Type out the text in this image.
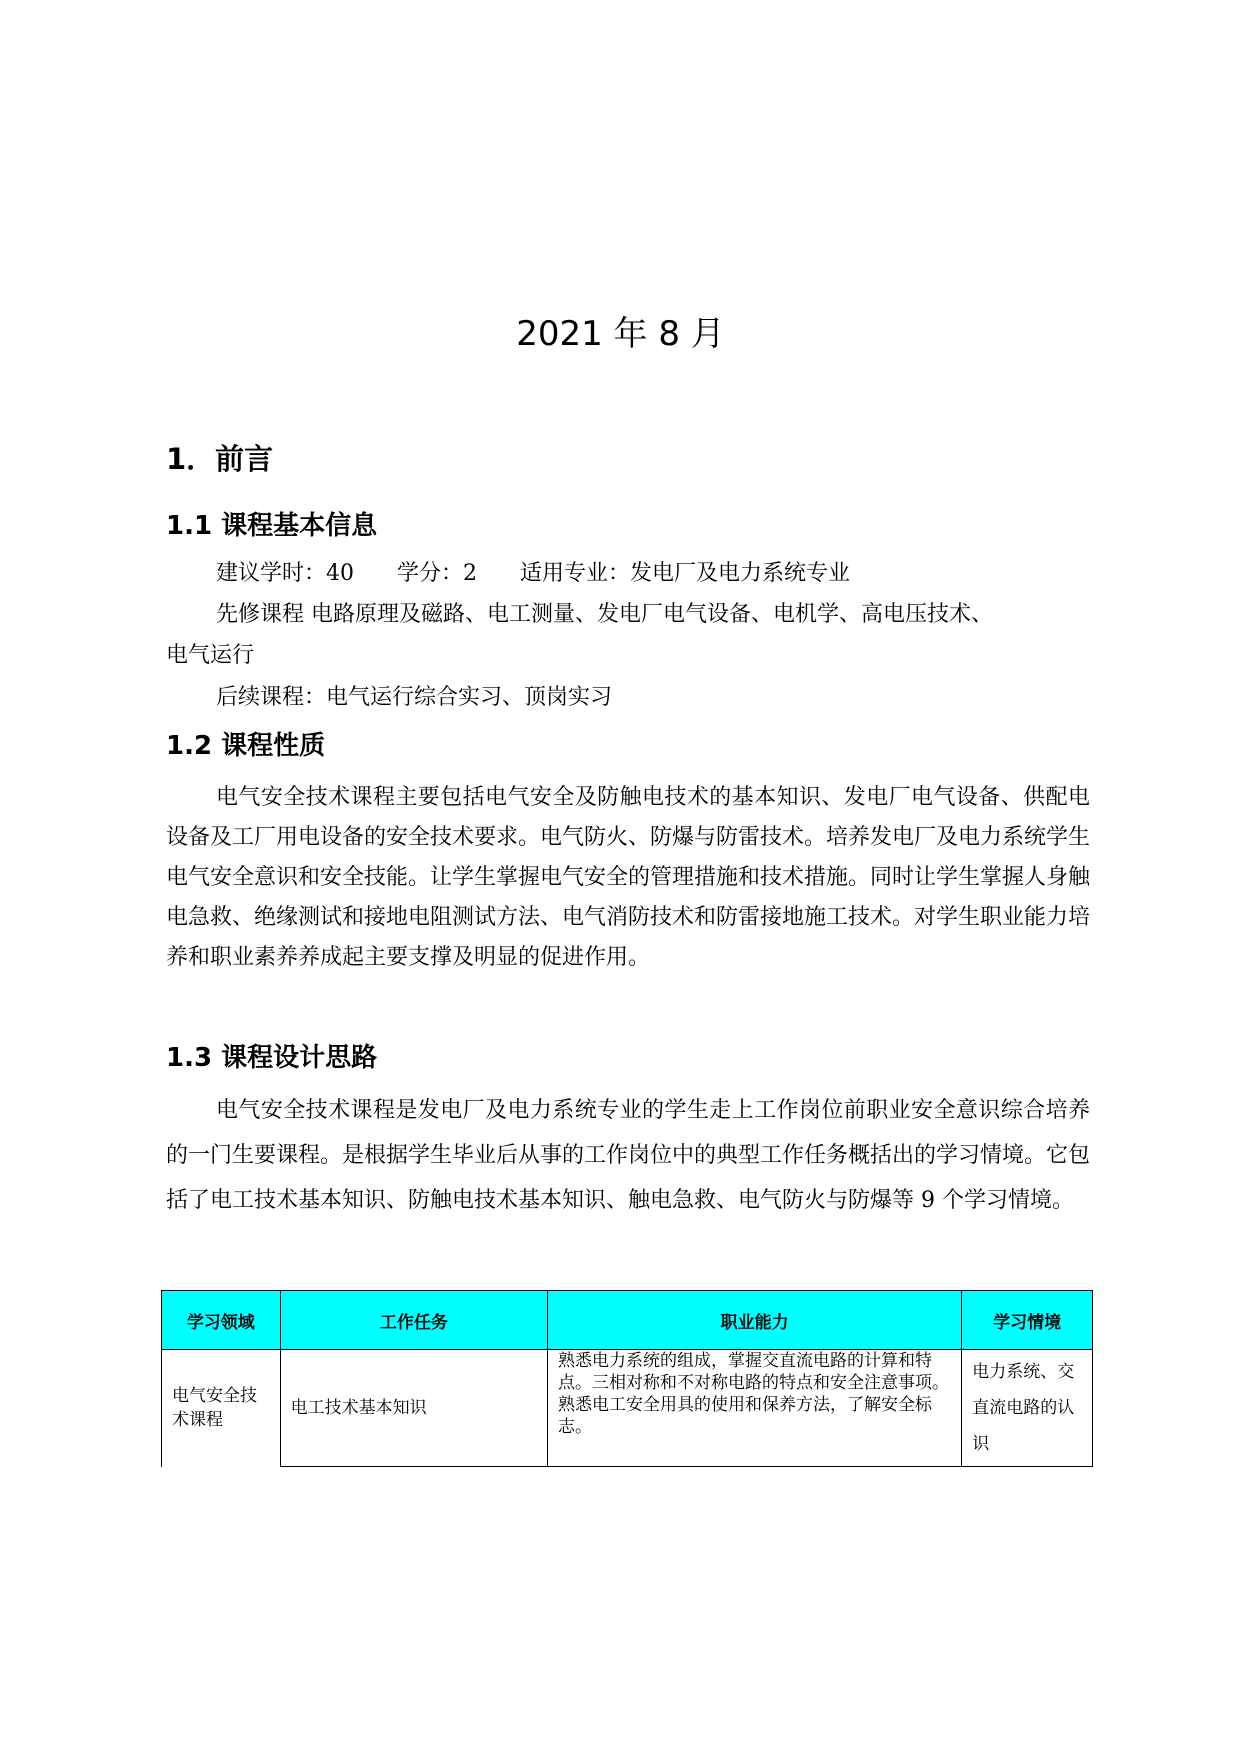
2021 年 8 月
1．前言
1.1 课程基本信息
建议学时：40 学分：2 适用专业：发电厂及电力系统专业
先修课程 电路原理及磁路、电工测量、发电厂电气设备、电机学、高电压技术、
电气运行
后续课程：电气运行综合实习、顶岗实习
1.2 课程性质
电气安全技术课程主要包括电气安全及防触电技术的基本知识、发电厂电气设备、供配电设备及工厂用电设备的安全技术要求。电气防火、防爆与防雷技术。培养发电厂及电力系统学生电气安全意识和安全技能。让学生掌握电气安全的管理措施和技术措施。同时让学生掌握人身触电急救、绝缘测试和接地电阻测试方法、电气消防技术和防雷接地施工技术。对学生职业能力培养和职业素养养成起主要支撑及明显的促进作用。
1.3 课程设计思路
电气安全技术课程是发电厂及电力系统专业的学生走上工作岗位前职业安全意识综合培养的一门生要课程。是根据学生毕业后从事的工作岗位中的典型工作任务概括出的学习情境。它包括了电工技术基本知识、防触电技术基本知识、触电急救、电气防火与防爆等 9 个学习情境。
学习领域	工作任务	职业能力	学习情境
电气安全技术课程	电工技术基本知识	熟悉电力系统的组成，掌握交直流电路的计算和特点。三相对称和不对称电路的特点和安全注意事项。熟悉电工安全用具的使用和保养方法，了解安全标志。	电力系统、交直流电路的认识
